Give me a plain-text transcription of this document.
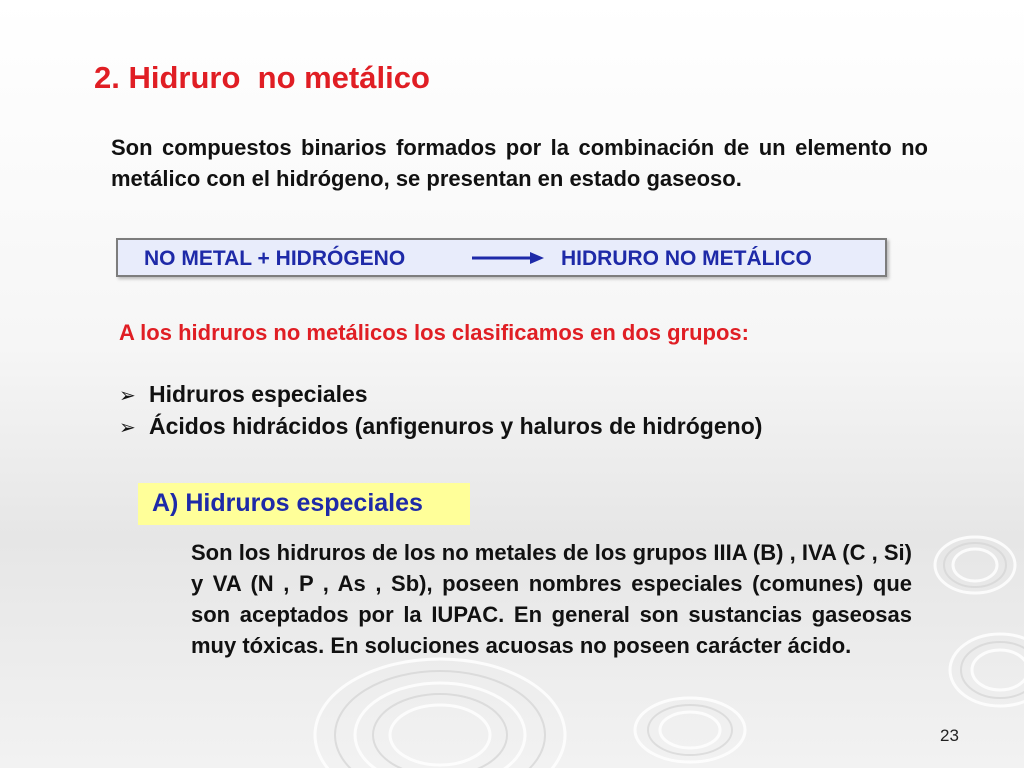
2. Hidruro  no metálico

Son compuestos binarios formados por la combinación de un elemento no metálico con el hidrógeno, se presentan en estado gaseoso.

NO METAL + HIDRÓGENO	HIDRURO NO METÁLICO

A los hidruros no metálicos los clasificamos en dos grupos:

➢ Hidruros especiales
➢ Ácidos hidrácidos (anfigenuros y haluros de hidrógeno)
A) Hidruros especiales

Son los hidruros de los no metales de los grupos IIIA (B) , IVA (C , Si) y VA (N , P , As , Sb), poseen nombres especiales (comunes) que son aceptados por la IUPAC. En general son sustancias gaseosas muy tóxicas. En soluciones acuosas no poseen carácter ácido.

23
